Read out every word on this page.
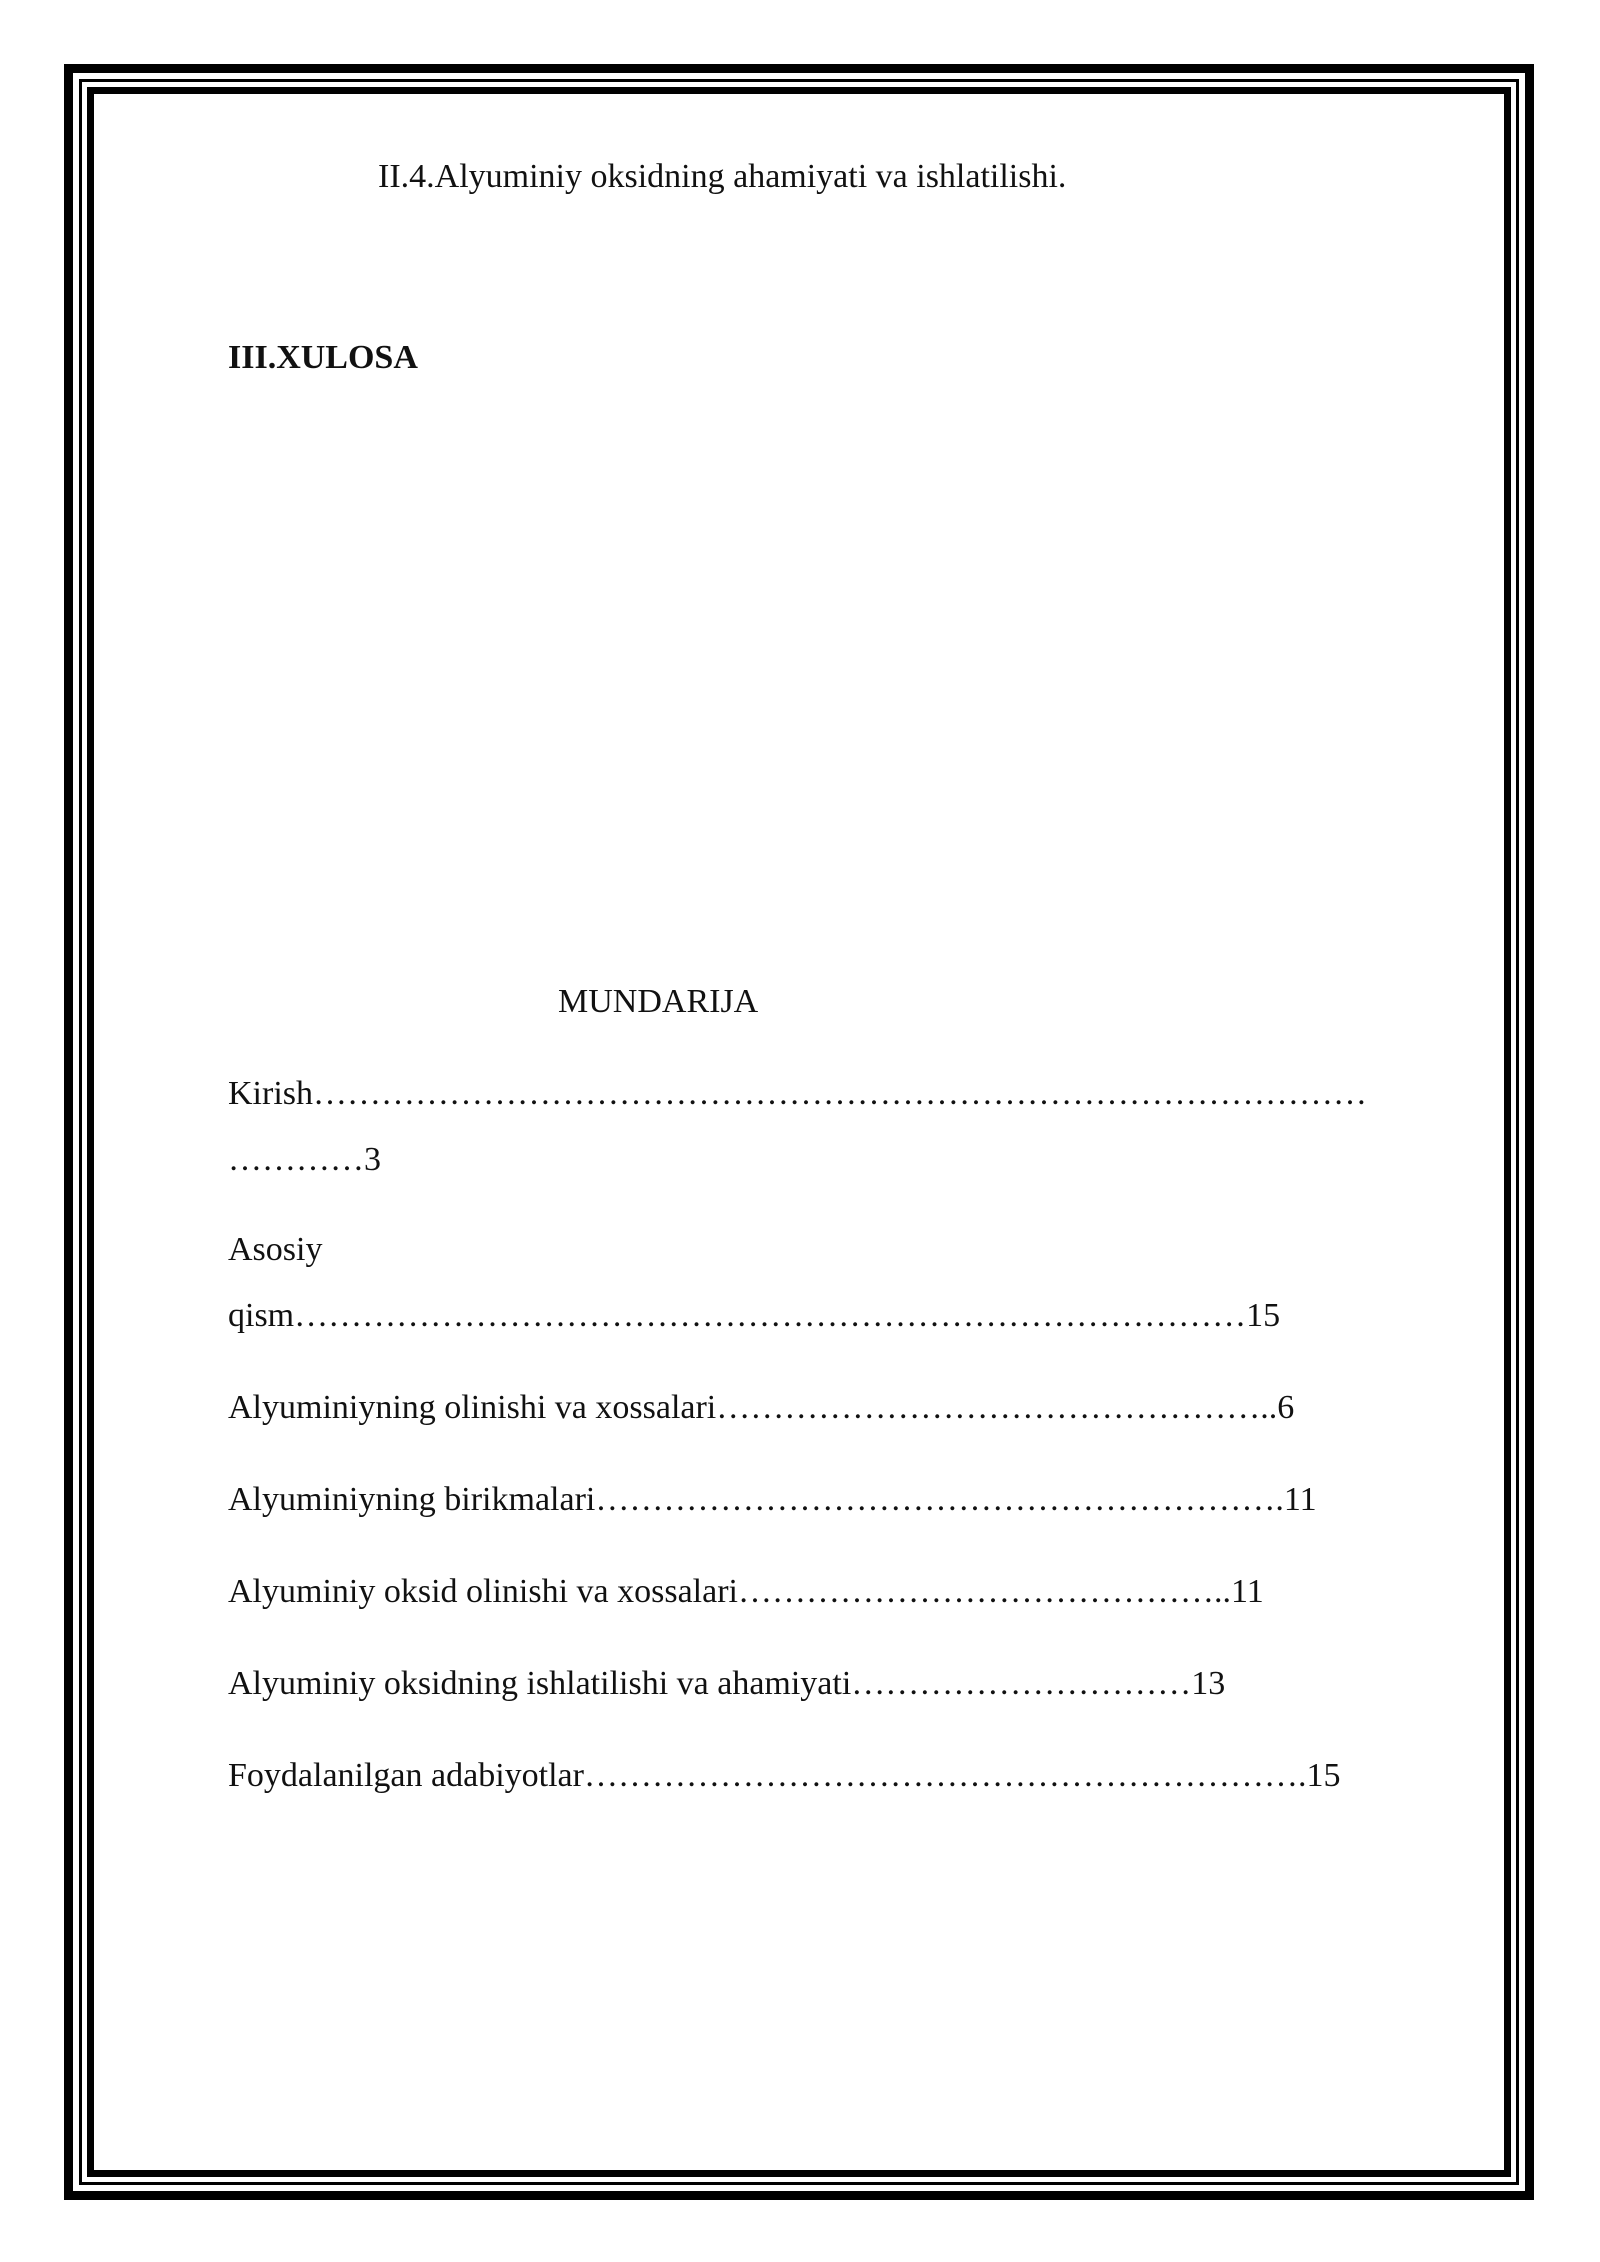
II.4.Alyuminiy oksidning ahamiyati va ishlatilishi.

III.XULOSA

MUNDARIJA

Kirish…………………………………………………………………………………

…………3

Asosiy

qism…………………………………………………………………………15

Alyuminiyning olinishi va xossalari…………………………………………..6

Alyuminiyning birikmalari…………………………………………………….11

Alyuminiy oksid olinishi va xossalari……………………………………..11

Alyuminiy oksidning ishlatilishi va ahamiyati…………………………13

Foydalanilgan adabiyotlar……………………………………………………….15
